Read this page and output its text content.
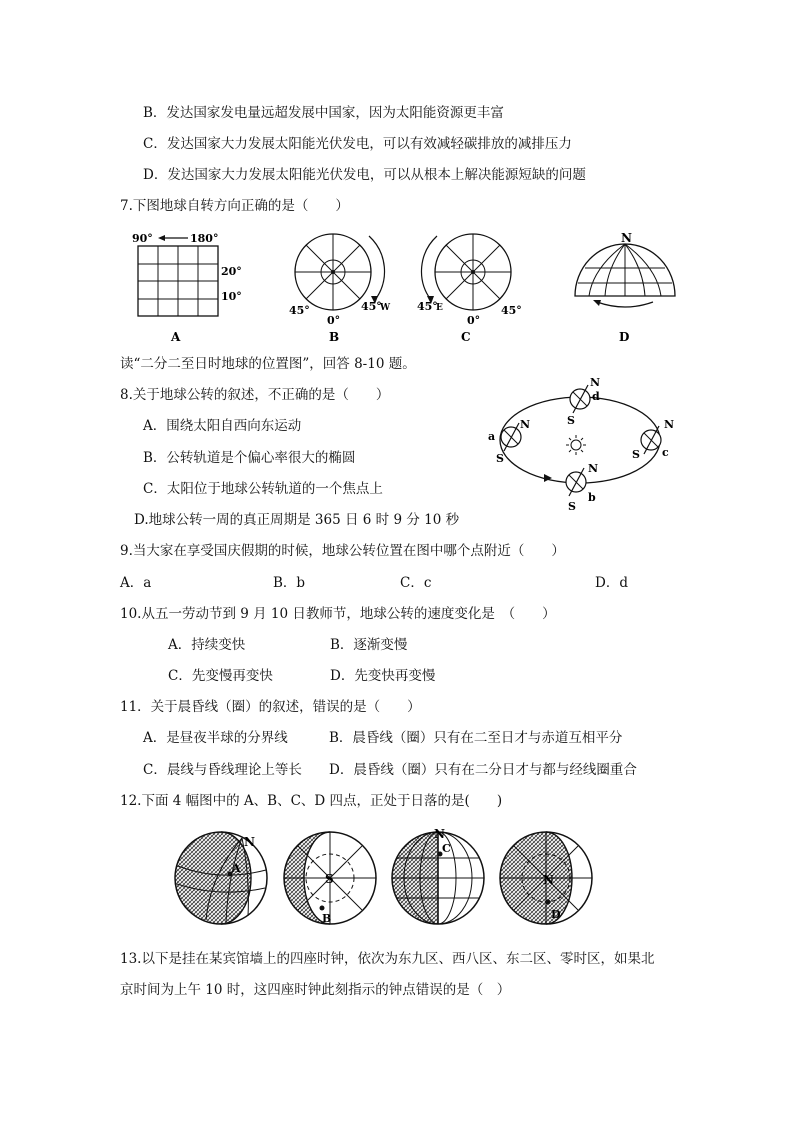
B．发达国家发电量远超发展中国家，因为太阳能资源更丰富
C．发达国家大力发展太阳能光伏发电，可以有效减轻碳排放的减排压力
D．发达国家大力发展太阳能光伏发电，可以从根本上解决能源短缺的问题
7.下图地球自转方向正确的是（　　）
90°	180°
20°
10°
A
45°
0°
45°
W
B
45°
E
0°
45°
C
N
D
读“二分二至日时地球的位置图”，回答 8-10 题。
8.关于地球公转的叙述，不正确的是（　　）
A．围绕太阳自西向东运动
B．公转轨道是个偏心率很大的椭圆
C．太阳位于地球公转轨道的一个焦点上
D.地球公转一周的真正周期是 365 日 6 时 9 分 10 秒
a
N
S
N
d
S	N
S c
N
b
S
9.当大家在享受国庆假期的时候，地球公转位置在图中哪个点附近（　　）
A．a	B．b	C．c	D．d
10.从五一劳动节到 9 月 10 日教师节，地球公转的速度变化是　（　　）
A．持续变快	B．逐渐变慢
C．先变慢再变快	D．先变快再变慢
11．关于晨昏线（圈）的叙述，错误的是（　　）
A．是昼夜半球的分界线	B．晨昏线（圈）只有在二至日才与赤道互相平分
C．晨线与昏线理论上等长 D．晨昏线（圈）只有在二分日才与都与经线圈重合
12.下面 4 幅图中的 A、B、C、D 四点，正处于日落的是(　　)
N
A
S
B
N
C
N
D
13.以下是挂在某宾馆墙上的四座时钟，依次为东九区、西八区、东二区、零时区，如果北
京时间为上午 10 时，这四座时钟此刻指示的钟点错误的是（　）
